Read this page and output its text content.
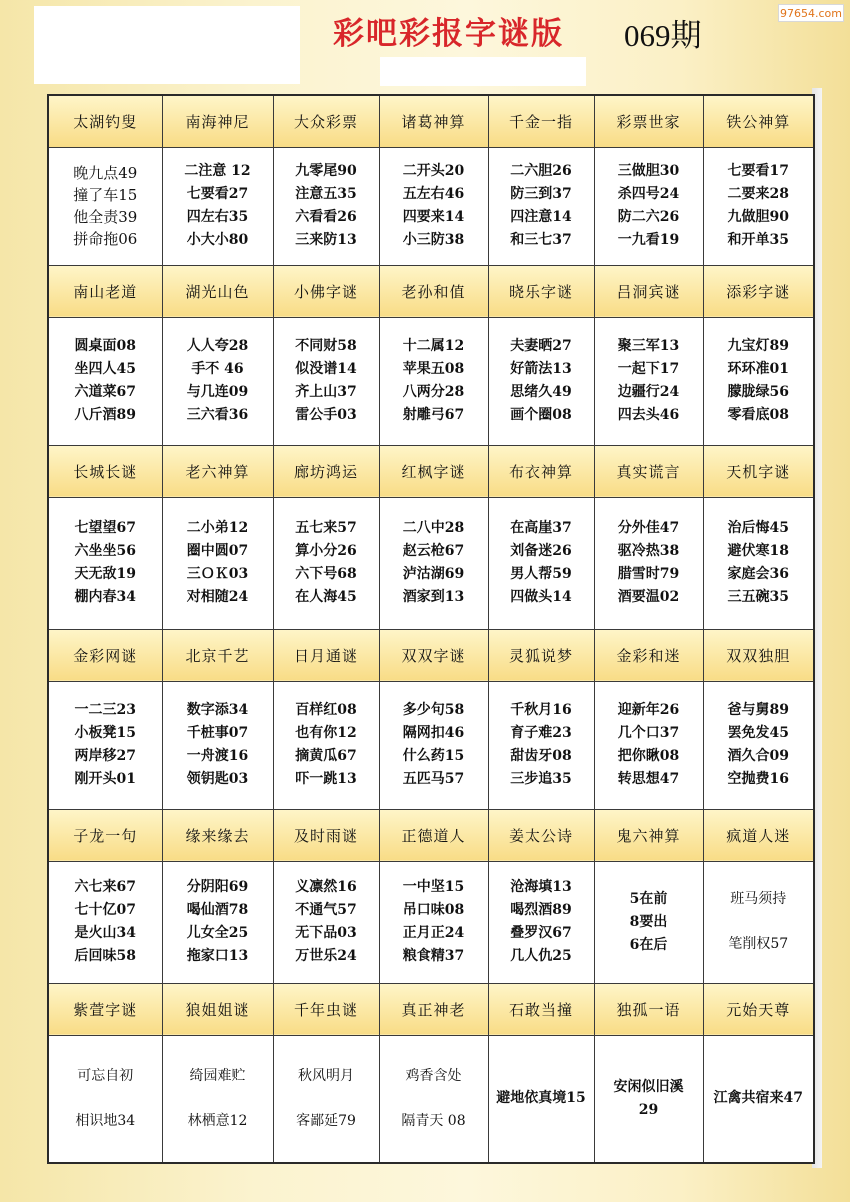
彩吧彩报字谜版 069期
97654.com
太湖钓叟	南海神尼	大众彩票	诸葛神算	千金一指	彩票世家	铁公神算

晚九点49
撞了车15
他全责39
拼命拖06	二注意 12
七要看27
四左右35
小大小80	九零尾90
注意五35
六看看26
三来防13	二开头20
五左右46
四要来14
小三防38	二六胆26
防三到37
四注意14
和三七37	三做胆30
杀四号24
防二六26
一九看19	七要看17
二要来28
九做胆90
和开单35

南山老道	湖光山色	小佛字谜	老孙和值	晓乐字谜	吕洞宾谜	添彩字谜

圆桌面08
坐四人45
六道菜67
八斤酒89	人人夸28
手不 46
与几连09
三六看36	不同财58
似没谱14
齐上山37
雷公手03	十二属12
苹果五08
八两分28
射雕弓67	夫妻晒27
好箭法13
思绪久49
画个圈08	聚三军13
一起下17
边疆行24
四去头46	九宝灯89
环环准01
朦胧绿56
零看底08

长城长谜	老六神算	廊坊鸿运	红枫字谜	布衣神算	真实谎言	天机字谜

七望望67
六坐坐56
天无敌19
棚内春34	二小弟12
圈中圆07
三ＯＫ03
对相随24	五七来57
算小分26
六下号68
在人海45	二八中28
赵云枪67
泸沽湖69
酒家到13	在高崖37
刘备迷26
男人帮59
四做头14	分外佳47
驱冷热38
腊雪时79
酒要温02	治后悔45
避伏寒18
家庭会36
三五碗35

金彩网谜	北京千艺	日月通谜	双双字谜	灵狐说梦	金彩和迷	双双独胆

一二三23
小板凳15
两岸移27
刚开头01	数字添34
千桩事07
一舟渡16
领钥匙03	百样红08
也有你12
摘黄瓜67
吓一跳13	多少句58
隔网扣46
什么药15
五匹马57	千秋月16
育子难23
甜齿牙08
三步追35	迎新年26
几个口37
把你瞅08
转思想47	爸与舅89
罢免发45
酒久合09
空抛费16

子龙一句	缘来缘去	及时雨谜	正德道人	姜太公诗	鬼六神算	疯道人迷

六七来67
七十亿07
是火山34
后回味58	分阴阳69
喝仙酒78
儿女全25
拖家口13	义凛然16
不通气57
无下品03
万世乐24	一中坚15
吊口味08
正月正24
粮食精37	沧海填13
喝烈酒89
叠罗汉67
几人仇25	5在前
8要出
6在后	班马须持
笔削权57

紫萱字谜	狼姐姐谜	千年虫谜	真正神老	石敢当撞	独孤一语	元始天尊

可忘自初
相识地34	绮园难贮
林栖意12	秋风明月
客鄙延79	鸡香含处
隔青天 08	避地依真境15	安闲似旧溪
29	江禽共宿来47
